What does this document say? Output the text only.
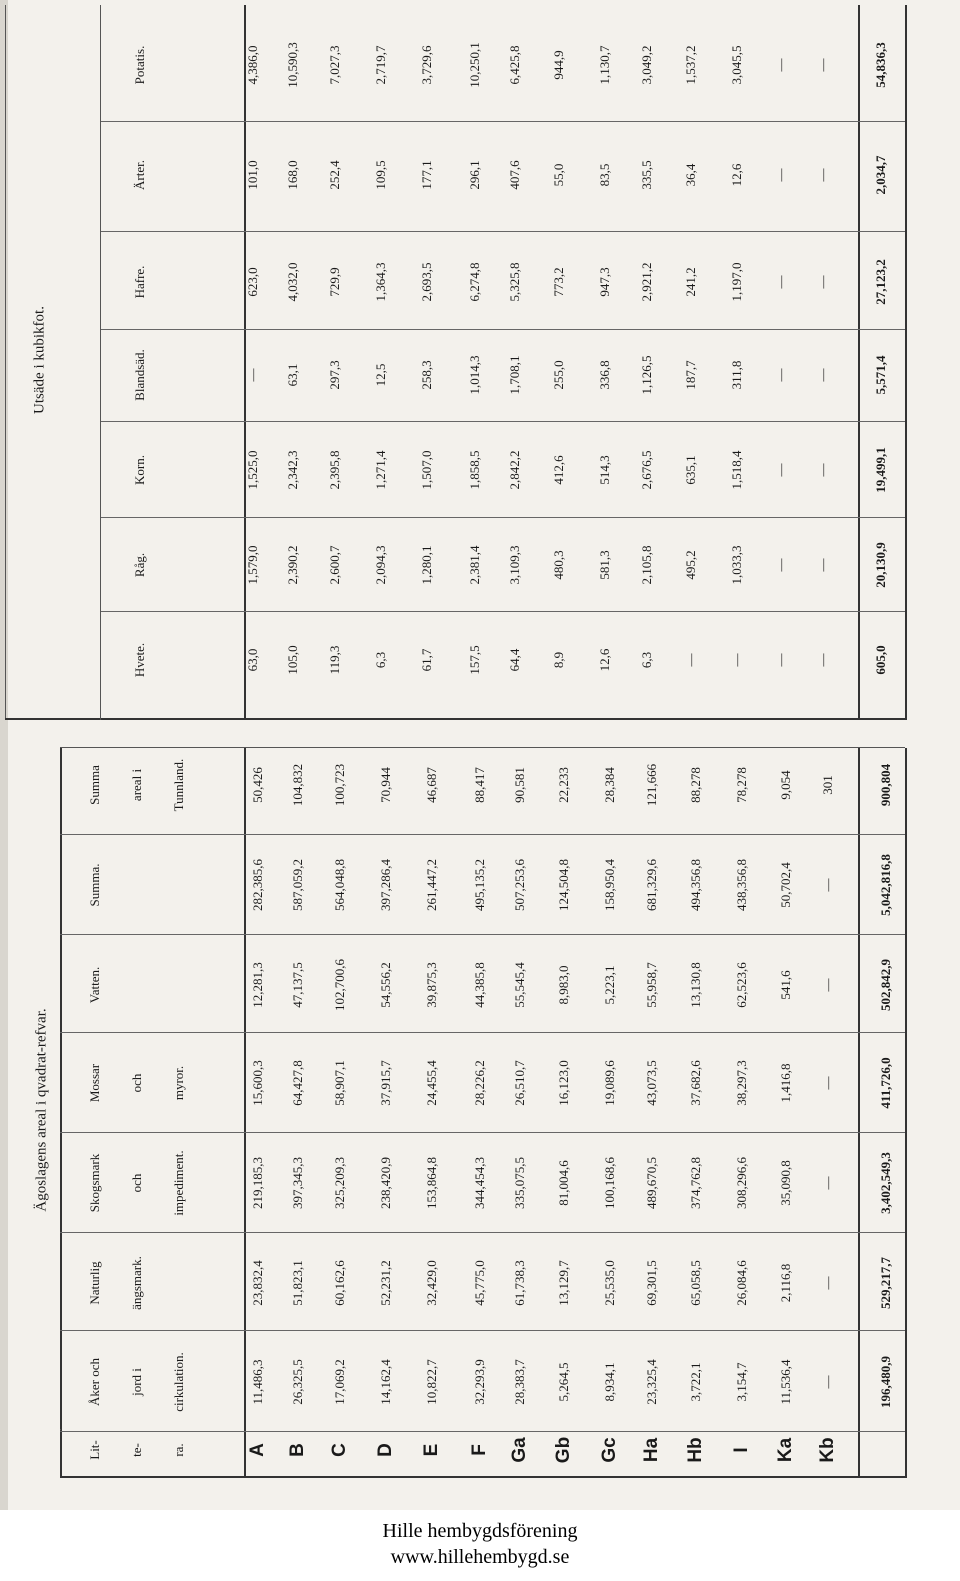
Ägoslagens areal i qvadrat-refvar.
Utsäde i kubikfot.
Lit- te- ra.
Åker och jord i cirkulation.
Naturlig ängsmark.
Skogsmark och impediment.
Mossar och myror.
Vatten.
Summa.
Summa areal i Tunnland.
Hvete.
Råg.
Korn.
Blandsäd.
Hafre.
Ärter.
Potatis.
A
11,486,3
23,832,4
219,185,3
15,600,3
12,281,3
282,385,6
50,426
B
26,325,5
51,823,1
397,345,3
64,427,8
47,137,5
587,059,2
104,832
C
17,069,2
60,162,6
325,209,3
58,907,1
102,700,6
564,048,8
100,723
D
14,162,4
52,231,2
238,420,9
37,915,7
54,556,2
397,286,4
70,944
E
10,822,7
32,429,0
153,864,8
24,455,4
39,875,3
261,447,2
46,687
F
32,293,9
45,775,0
344,454,3
28,226,2
44,385,8
495,135,2
88,417
Ga
28,383,7
61,738,3
335,075,5
26,510,7
55,545,4
507,253,6
90,581
Gb
5,264,5
13,129,7
81,004,6
16,123,0
8,983,0
124,504,8
22,233
Gc
8,934,1
25,535,0
100,168,6
19,089,6
5,223,1
158,950,4
28,384
Ha
23,325,4
69,301,5
489,670,5
43,073,5
55,958,7
681,329,6
121,666
Hb
3,722,1
65,058,5
374,762,8
37,682,6
13,130,8
494,356,8
88,278
I
3,154,7
26,084,6
308,296,6
38,297,3
62,523,6
438,356,8
78,278
Ka
11,536,4
2,116,8
35,090,8
1,416,8
541,6
50,702,4
9,054
Kb
—
—
—
—
—
—
301
196,480,9
529,217,7
3,402,549,3
411,726,0
502,842,9
5,042,816,8
900,804
63,0
1,579,0
1,525,0
—
623,0
101,0
4,386,0
105,0
2,390,2
2,342,3
63,1
4,032,0
168,0
10,590,3
119,3
2,600,7
2,395,8
297,3
729,9
252,4
7,027,3
6,3
2,094,3
1,271,4
12,5
1,364,3
109,5
2,719,7
61,7
1,280,1
1,507,0
258,3
2,693,5
177,1
3,729,6
157,5
2,381,4
1,858,5
1,014,3
6,274,8
296,1
10,250,1
64,4
3,109,3
2,842,2
1,708,1
5,325,8
407,6
6,425,8
8,9
480,3
412,6
255,0
773,2
55,0
944,9
12,6
581,3
514,3
336,8
947,3
83,5
1,130,7
6,3
2,105,8
2,676,5
1,126,5
2,921,2
335,5
3,049,2
—
495,2
635,1
187,7
241,2
36,4
1,537,2
—
1,033,3
1,518,4
311,8
1,197,0
12,6
3,045,5
—
—
—
—
—
—
—
—
—
—
—
—
—
—
605,0
20,130,9
19,499,1
5,571,4
27,123,2
2,034,7
54,836,3
Hille hembygdsförening
www.hillehembygd.se
